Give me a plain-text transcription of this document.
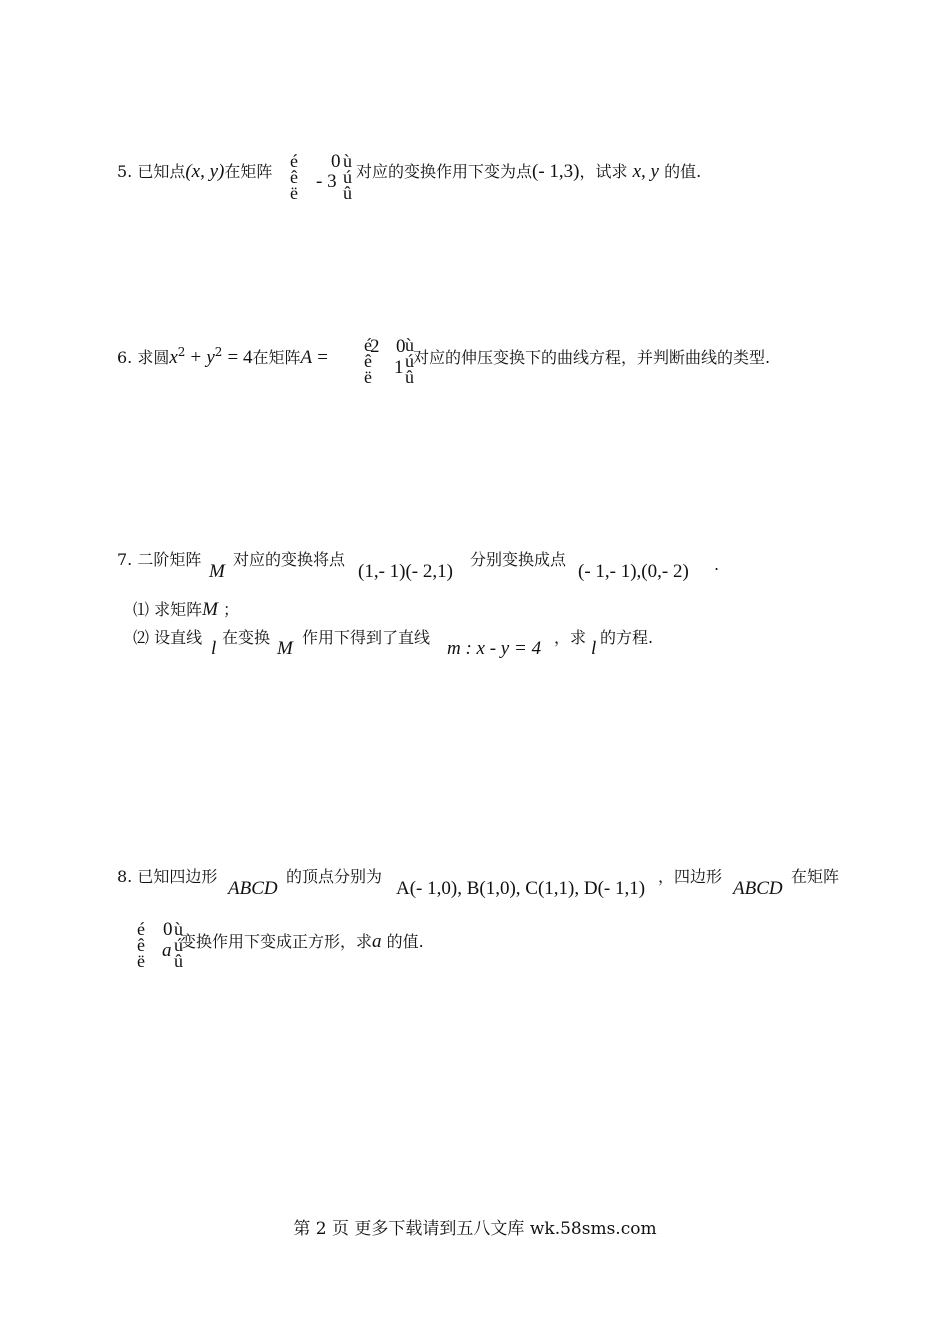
5. 已知点(x, y)在矩阵
é
ê
ë
0
- 3
ù
ú
û
对应的变换作用下变为点(- 1,3)，试求 x, y 的值.
6. 求圆$x^2 + y^2 = 4$在矩阵A =
é
ê
ë
2 0
1
ù
ú
û
对应的伸压变换下的曲线方程，并判断曲线的类型.
7. 二阶矩阵
M
对应的变换将点
(1,- 1)(- 2,1)
分别变换成点
(- 1,- 1),(0,- 2) .
⑴ 求矩阵M ；
⑵ 设直线
l
在变换
M
作用下得到了直线
m : x - y = 4
，求
l
的方程.
8. 已知四边形
ABCD
的顶点分别为
A(- 1,0), B(1,0), C(1,1), D(- 1,1)
，四边形
ABCD
在矩阵
é
ê
ë
0
a
ù
ú
û
变换作用下变成正方形，求a 的值.
第 2 页 更多下载请到五八文库 wk.58sms.com
